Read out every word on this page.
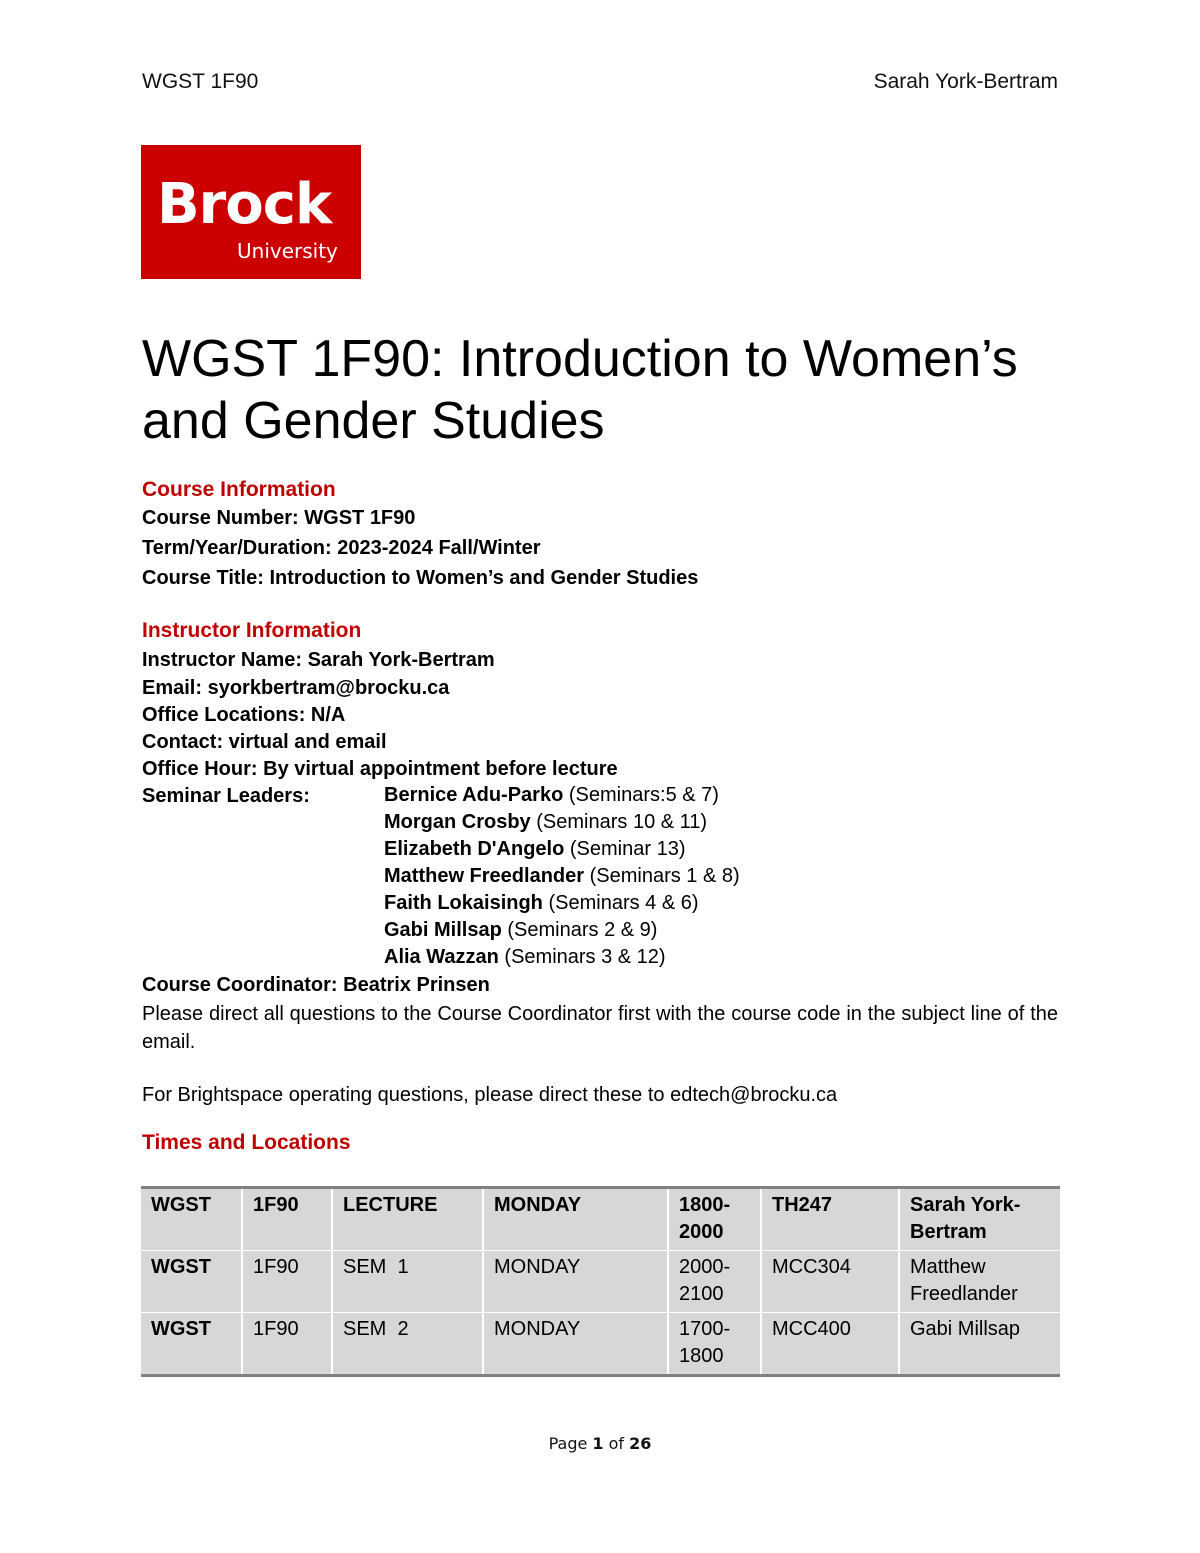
WGST 1F90	Sarah York-Bertram
Brock
University
WGST 1F90: Introduction to Women’s and Gender Studies
Course Information
Course Number: WGST 1F90
Term/Year/Duration: 2023-2024 Fall/Winter
Course Title: Introduction to Women’s and Gender Studies
Instructor Information
Instructor Name: Sarah York-Bertram
Email: syorkbertram@brocku.ca
Office Locations: N/A
Contact: virtual and email
Office Hour: By virtual appointment before lecture
Seminar Leaders:	Bernice Adu-Parko (Seminars:5 & 7)
Morgan Crosby (Seminars 10 & 11)
Elizabeth D'Angelo (Seminar 13)
Matthew Freedlander (Seminars 1 & 8)
Faith Lokaisingh (Seminars 4 & 6)
Gabi Millsap (Seminars 2 & 9)
Alia Wazzan (Seminars 3 & 12)
Course Coordinator: Beatrix Prinsen
Please direct all questions to the Course Coordinator first with the course code in the subject line of the email.
For Brightspace operating questions, please direct these to edtech@brocku.ca
Times and Locations
WGST	1F90	LECTURE	MONDAY	1800-2000	TH247	Sarah York-Bertram
WGST	1F90	SEM  1	MONDAY	2000-2100	MCC304	Matthew Freedlander
WGST	1F90	SEM  2	MONDAY	1700-1800	MCC400	Gabi Millsap
Page 1 of 26
